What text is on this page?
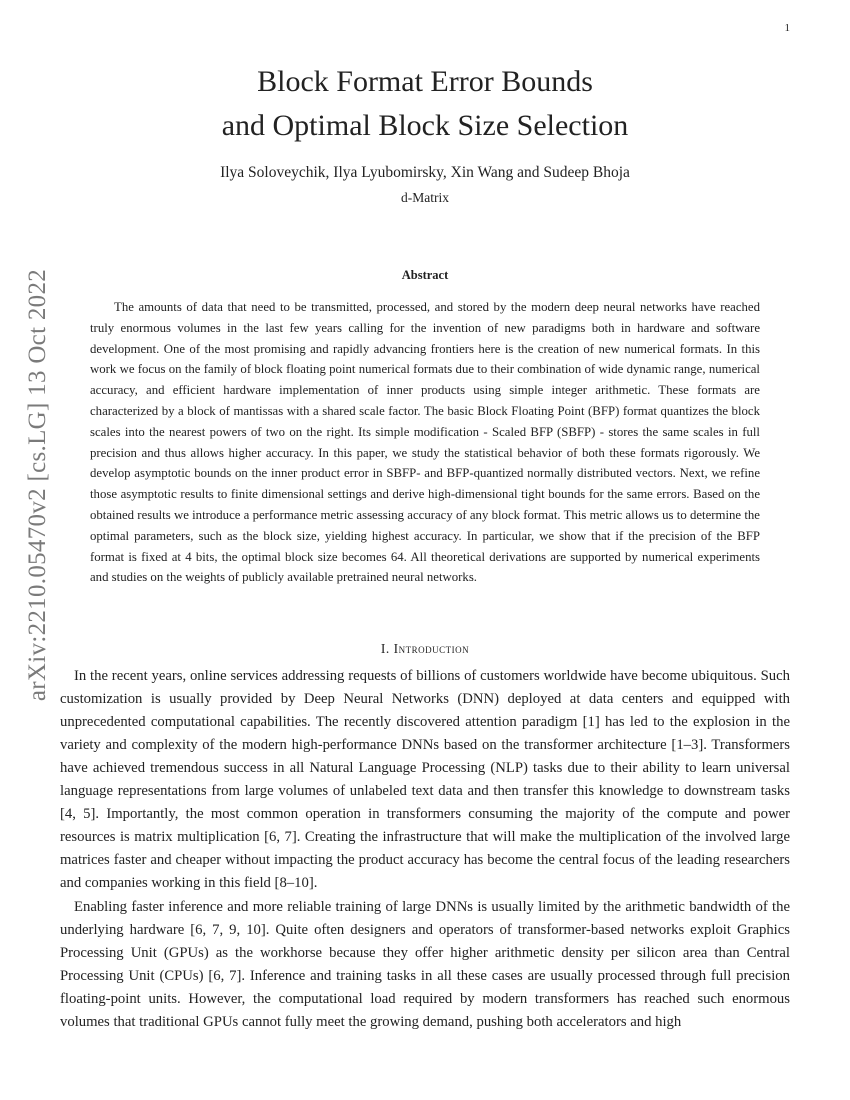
1
arXiv:2210.05470v2 [cs.LG] 13 Oct 2022
Block Format Error Bounds
and Optimal Block Size Selection
Ilya Soloveychik, Ilya Lyubomirsky, Xin Wang and Sudeep Bhoja
d-Matrix
Abstract

The amounts of data that need to be transmitted, processed, and stored by the modern deep neural networks have reached truly enormous volumes in the last few years calling for the invention of new paradigms both in hardware and software development. One of the most promising and rapidly advancing frontiers here is the creation of new numerical formats. In this work we focus on the family of block floating point numerical formats due to their combination of wide dynamic range, numerical accuracy, and efficient hardware implementation of inner products using simple integer arithmetic. These formats are characterized by a block of mantissas with a shared scale factor. The basic Block Floating Point (BFP) format quantizes the block scales into the nearest powers of two on the right. Its simple modification - Scaled BFP (SBFP) - stores the same scales in full precision and thus allows higher accuracy. In this paper, we study the statistical behavior of both these formats rigorously. We develop asymptotic bounds on the inner product error in SBFP- and BFP-quantized normally distributed vectors. Next, we refine those asymptotic results to finite dimensional settings and derive high-dimensional tight bounds for the same errors. Based on the obtained results we introduce a performance metric assessing accuracy of any block format. This metric allows us to determine the optimal parameters, such as the block size, yielding highest accuracy. In particular, we show that if the precision of the BFP format is fixed at 4 bits, the optimal block size becomes 64. All theoretical derivations are supported by numerical experiments and studies on the weights of publicly available pretrained neural networks.

I. Introduction

In the recent years, online services addressing requests of billions of customers worldwide have become ubiquitous. Such customization is usually provided by Deep Neural Networks (DNN) deployed at data centers and equipped with unprecedented computational capabilities. The recently discovered attention paradigm [1] has led to the explosion in the variety and complexity of the modern high-performance DNNs based on the transformer architecture [1–3]. Transformers have achieved tremendous success in all Natural Language Processing (NLP) tasks due to their ability to learn universal language representations from large volumes of unlabeled text data and then transfer this knowledge to downstream tasks [4, 5]. Importantly, the most common operation in transformers consuming the majority of the compute and power resources is matrix multiplication [6, 7]. Creating the infrastructure that will make the multiplication of the involved large matrices faster and cheaper without impacting the product accuracy has become the central focus of the leading researchers and companies working in this field [8–10].

Enabling faster inference and more reliable training of large DNNs is usually limited by the arithmetic bandwidth of the underlying hardware [6, 7, 9, 10]. Quite often designers and operators of transformer-based networks exploit Graphics Processing Unit (GPUs) as the workhorse because they offer higher arithmetic density per silicon area than Central Processing Unit (CPUs) [6, 7]. Inference and training tasks in all these cases are usually processed through full precision floating-point units. However, the computational load required by modern transformers has reached such enormous volumes that traditional GPUs cannot fully meet the growing demand, pushing both accelerators and high
